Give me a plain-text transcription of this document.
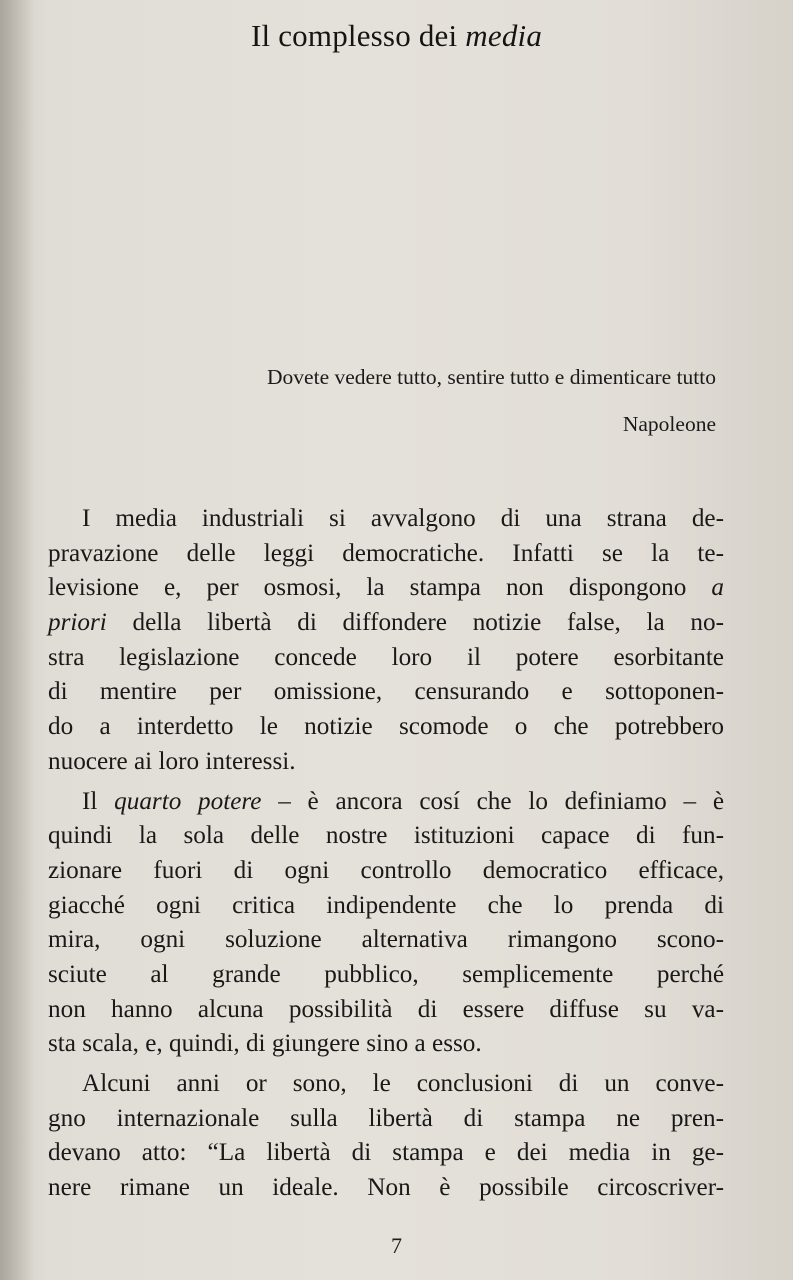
Il complesso dei media
Dovete vedere tutto, sentire tutto e dimenticare tutto
Napoleone
I media industriali si avvalgono di una strana de-
pravazione delle leggi democratiche. Infatti se la te-
levisione e, per osmosi, la stampa non dispongono a
priori della libertà di diffondere notizie false, la no-
stra legislazione concede loro il potere esorbitante
di mentire per omissione, censurando e sottoponen-
do a interdetto le notizie scomode o che potrebbero
nuocere ai loro interessi.
Il quarto potere – è ancora cosí che lo definiamo – è
quindi la sola delle nostre istituzioni capace di fun-
zionare fuori di ogni controllo democratico efficace,
giacché ogni critica indipendente che lo prenda di
mira, ogni soluzione alternativa rimangono scono-
sciute al grande pubblico, semplicemente perché
non hanno alcuna possibilità di essere diffuse su va-
sta scala, e, quindi, di giungere sino a esso.
Alcuni anni or sono, le conclusioni di un conve-
gno internazionale sulla libertà di stampa ne pren-
devano atto: “La libertà di stampa e dei media in ge-
nere rimane un ideale. Non è possibile circoscriver-
7
